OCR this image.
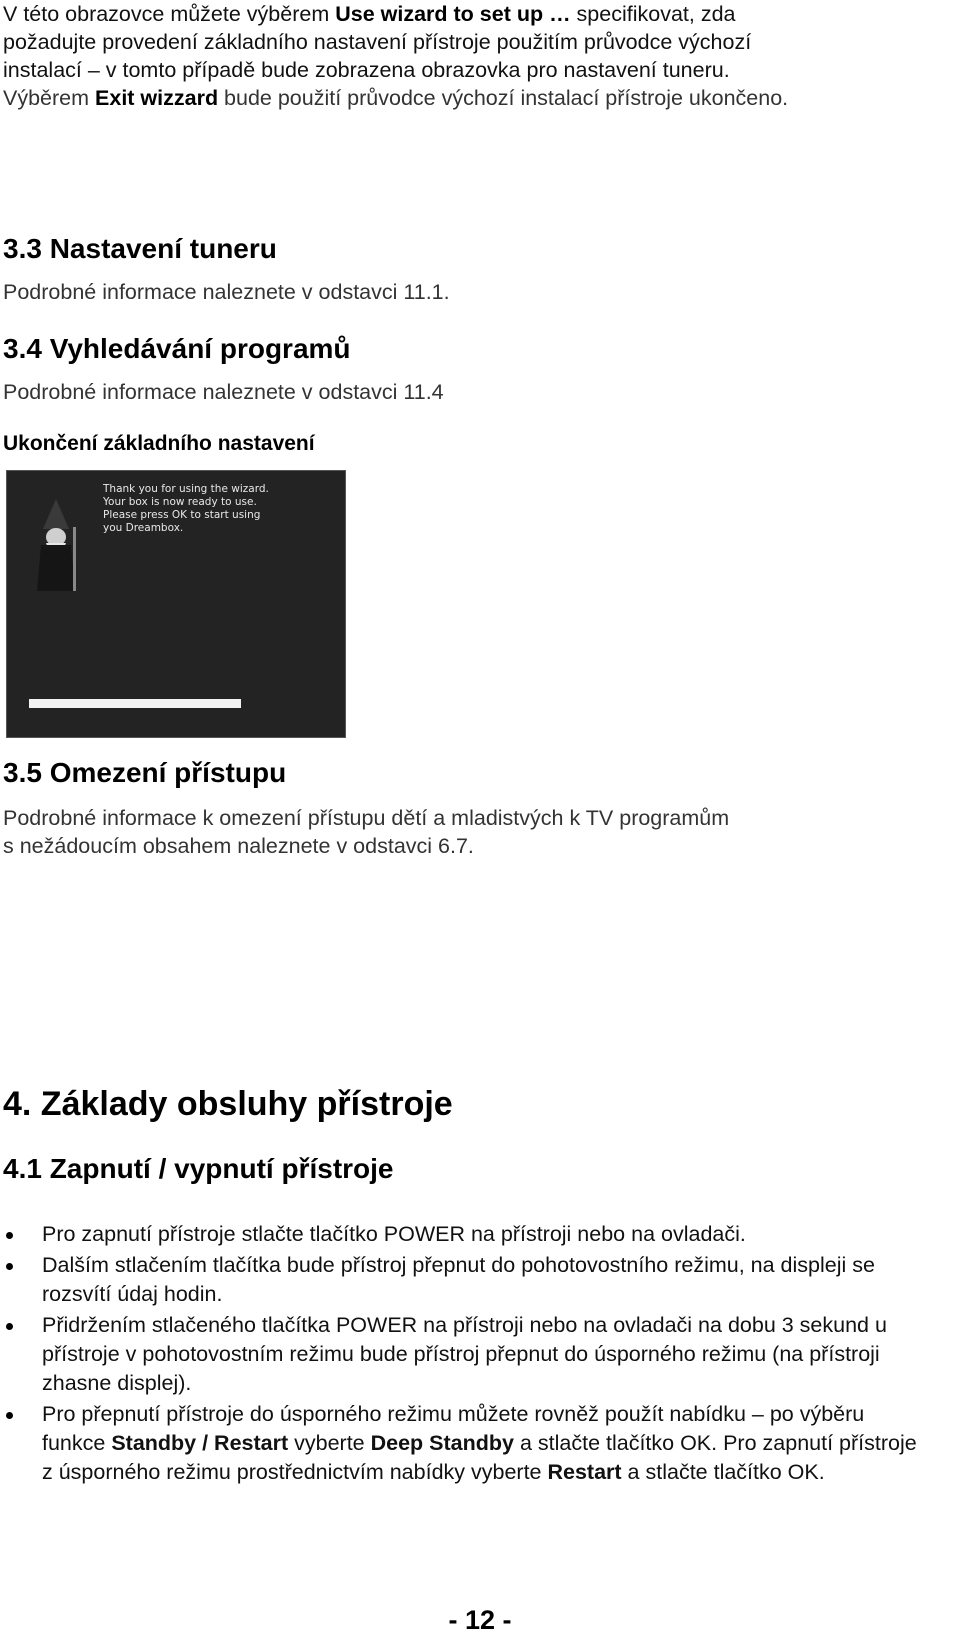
V této obrazovce můžete výběrem Use wizard to set up … specifikovat, zda

požadujte provedení základního nastavení přístroje použitím průvodce výchozí

instalací – v tomto případě bude zobrazena obrazovka pro nastavení tuneru.

Výběrem Exit wizzard bude použití průvodce výchozí instalací přístroje ukončeno.

3.3 Nastavení tuneru

Podrobné informace naleznete v odstavci 11.1.

3.4 Vyhledávání programů

Podrobné informace naleznete v odstavci 11.4

Ukončení základního nastavení
Thank you for using the wizard.
Your box is now ready to use.
Please press OK to start using
you Dreambox.
3.5 Omezení přístupu

Podrobné informace k omezení přístupu dětí a mladistvých k TV programům

s nežádoucím obsahem naleznete v odstavci 6.7.

4. Základy obsluhy přístroje
4.1 Zapnutí / vypnutí přístroje
Pro zapnutí přístroje stlačte tlačítko POWER na přístroji nebo na ovladači.
Dalším stlačením tlačítka bude přístroj přepnut do pohotovostního režimu, na displeji se rozsvítí údaj hodin.
Přidržením stlačeného tlačítka POWER na přístroji nebo na ovladači na dobu 3 sekund u přístroje v pohotovostním režimu bude přístroj přepnut do úsporného režimu (na přístroji zhasne displej).
Pro přepnutí přístroje do úsporného režimu můžete rovněž použít nabídku – po výběru funkce Standby / Restart vyberte Deep Standby a stlačte tlačítko OK. Pro zapnutí přístroje z úsporného režimu prostřednictvím nabídky vyberte Restart a stlačte tlačítko OK.
- 12 -
